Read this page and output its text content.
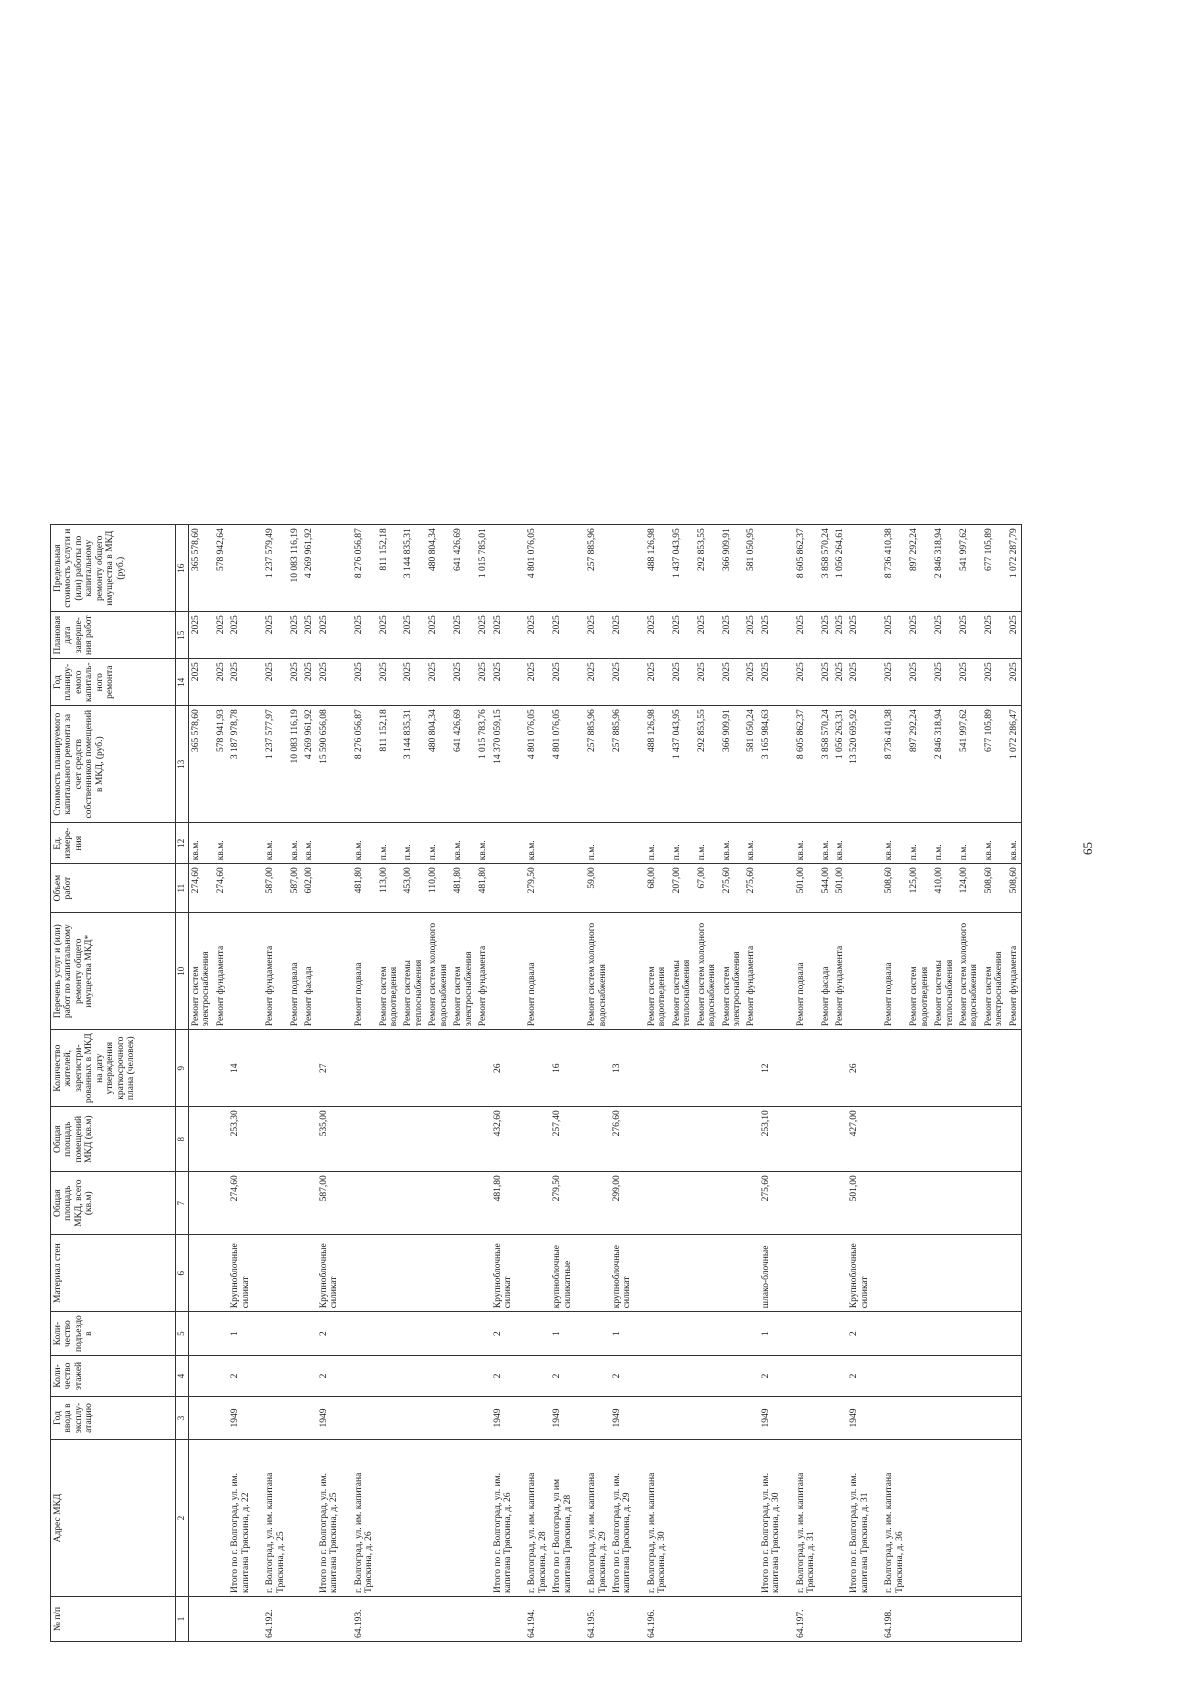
№ п/п	Адрес МКД	Год ввода в эксплу-атацию	Коли-чество этажей	Коли-чество подъездо в	Материал стен	Общая площадь МКД, всего (кв.м)	Общая площадь помещений МКД (кв.м)	Количество жителей, зарегистри-рованных в МКД на дату утверждения краткосрочного плана (человек)	Перечень услуг и (или) работ по капитальному ремонту общего имущества МКД*	Объем работ	Ед. измере-ния	Стоимость планируемого капитального ремонта за счет средств собственников помещений в МКД, (руб.)	Год планиру-емого капиталь-ного ремонта	Плановая дата заверше-ния работ	Предельная стоимость услуги и (или) работы по капитальному ремонту общего имущества в МКД (руб.)
1	2	3	4	5	6	7	8	9	10	11	12	13	14	15	16
									Ремонт систем электроснабжения	274,60	кв.м.	365 578,60	2025	2025	365 578,60
									Ремонт фундамента	274,60	кв.м.	578 941,93	2025	2025	578 942,64
	Итого по г. Волгоград, ул. им. капитана Тряскина, д. 22	1949	2	1	Крупноблочные силикат	274,60	253,30	14				3 187 978,78	2025	2025	
64.192.	г. Волгоград, ул. им. капитана Тряскина, д. 25								Ремонт фундамента	587,00	кв.м.	1 237 577,97	2025	2025	1 237 579,49
									Ремонт подвала	587,00	кв.м.	10 083 116,19	2025	2025	10 083 116,19
									Ремонт фасада	602,00	кв.м.	4 269 961,92	2025	2025	4 269 961,92
	Итого по г. Волгоград, ул. им. капитана Тряскина, д. 25	1949	2	2	Крупноблочные силикат	587,00	535,00	27				15 590 656,08	2025	2025	
64.193.	г. Волгоград, ул. им. капитана Тряскина, д. 26								Ремонт подвала	481,80	кв.м.	8 276 056,87	2025	2025	8 276 056,87
									Ремонт систем водоотведения	113,00	п.м.	811 152,18	2025	2025	811 152,18
									Ремонт системы теплоснабжения	453,00	п.м.	3 144 835,31	2025	2025	3 144 835,31
									Ремонт систем холодного водоснабжения	110,00	п.м.	480 804,34	2025	2025	480 804,34
									Ремонт систем электроснабжения	481,80	кв.м.	641 426,69	2025	2025	641 426,69
									Ремонт фундамента	481,80	кв.м.	1 015 783,76	2025	2025	1 015 785,01
	Итого по г. Волгоград, ул. им. капитана Тряскина, д. 26	1949	2	2	Крупноблочные силикат	481,80	432,60	26				14 370 059,15	2025	2025	
64.194.	г. Волгоград, ул. им. капитана Тряскина, д. 28								Ремонт подвала	279,50	кв.м.	4 801 076,05	2025	2025	4 801 076,05
	Итого по г Волгоград, ул им капитана Тряскина, д 28	1949	2	1	крупноблочные силикатные	279,50	257,40	16				4 801 076,05	2025	2025	
64.195.	г. Волгоград, ул. им. капитана Тряскина, д. 29								Ремонт систем холодного водоснабжения	59,00	п.м.	257 885,96	2025	2025	257 885,96
	Итого по г. Волгоград, ул. им. капитана Тряскина, д. 29	1949	2	1	крупноблочные силикат	299,00	276,60	13				257 885,96	2025	2025	
64.196.	г. Волгоград, ул. им. капитана Тряскина, д. 30								Ремонт систем водоотведения	68,00	п.м.	488 126,98	2025	2025	488 126,98
									Ремонт системы теплоснабжения	207,00	п.м.	1 437 043,95	2025	2025	1 437 043,95
									Ремонт систем холодного водоснабжения	67,00	п.м.	292 853,55	2025	2025	292 853,55
									Ремонт систем электроснабжения	275,60	кв.м.	366 909,91	2025	2025	366 909,91
									Ремонт фундамента	275,60	кв.м.	581 050,24	2025	2025	581 050,95
	Итого по г. Волгоград, ул. им. капитана Тряскина, д. 30	1949	2	1	шлако-блочные	275,60	253,10	12				3 165 984,63	2025	2025	
64.197.	г. Волгоград, ул. им. капитана Тряскина, д. 31								Ремонт подвала	501,00	кв.м.	8 605 862,37	2025	2025	8 605 862,37
									Ремонт фасада	544,00	кв.м.	3 858 570,24	2025	2025	3 858 570,24
									Ремонт фундамента	501,00	кв.м.	1 056 263,31	2025	2025	1 056 264,61
	Итого по г. Волгоград, ул. им. капитана Тряскина, д. 31	1949	2	2	Крупноблочные силикат	501,00	427,00	26				13 520 695,92	2025	2025	
64.198.	г. Волгоград, ул. им. капитана Тряскина, д. 36								Ремонт подвала	508,60	кв.м.	8 736 410,38	2025	2025	8 736 410,38
									Ремонт систем водоотведения	125,00	п.м.	897 292,24	2025	2025	897 292,24
									Ремонт системы теплоснабжения	410,00	п.м.	2 846 318,94	2025	2025	2 846 318,94
									Ремонт систем холодного водоснабжения	124,00	п.м.	541 997,62	2025	2025	541 997,62
									Ремонт систем электроснабжения	508,60	кв.м.	677 105,89	2025	2025	677 105,89
									Ремонт фундамента	508,60	кв.м.	1 072 286,47	2025	2025	1 072 287,79
65
